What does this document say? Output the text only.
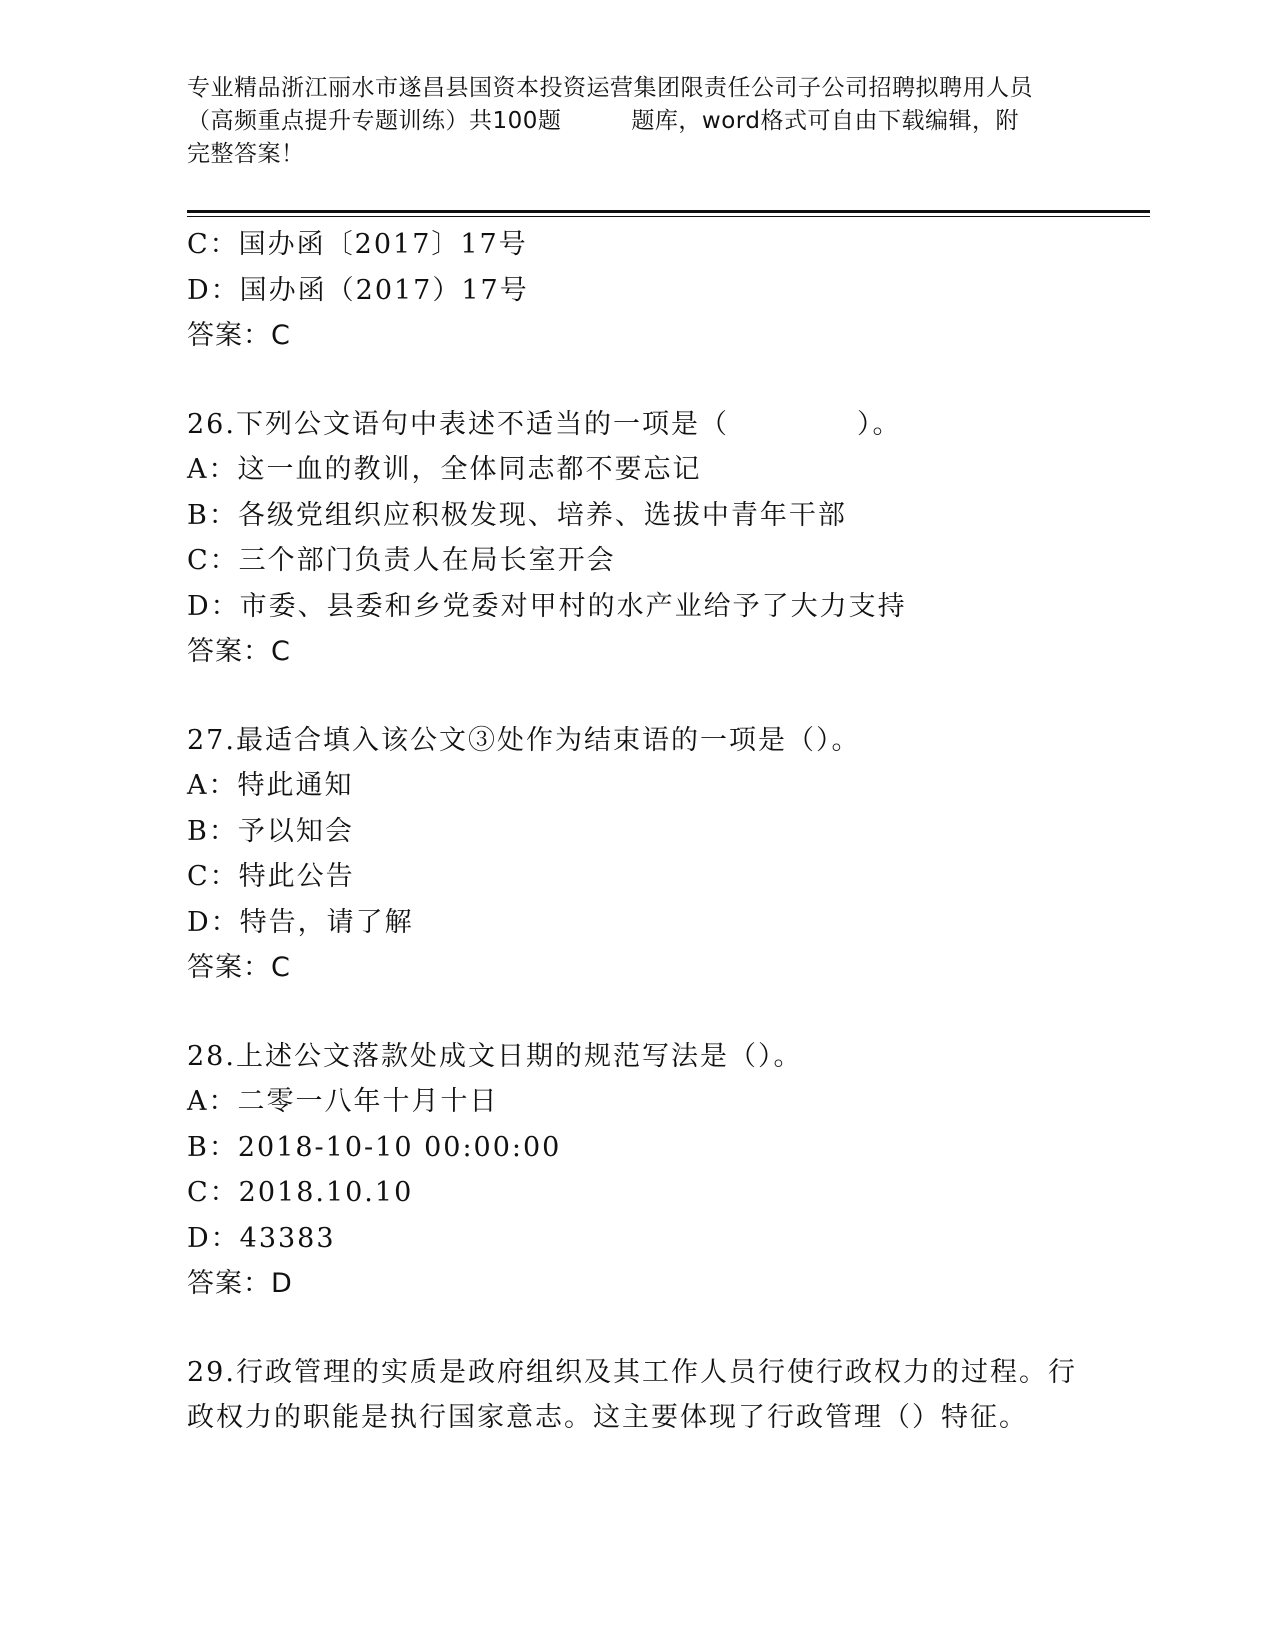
专业精品浙江丽水市遂昌县国资本投资运营集团限责任公司子公司招聘拟聘用人员
（高频重点提升专题训练）共100题	题库，word格式可自由下载编辑，附
完整答案！
C：国办函〔2017〕17号
D：国办函（2017）17号
答案：C
26.下列公文语句中表述不适当的一项是（	）。
A：这一血的教训，全体同志都不要忘记
B：各级党组织应积极发现、培养、选拔中青年干部
C：三个部门负责人在局长室开会
D：市委、县委和乡党委对甲村的水产业给予了大力支持
答案：C
27.最适合填入该公文③处作为结束语的一项是（）。
A：特此通知
B：予以知会
C：特此公告
D：特告，请了解
答案：C
28.上述公文落款处成文日期的规范写法是（）。
A：二零一八年十月十日
B：2018-10-10 00:00:00
C：2018.10.10
D：43383
答案：D
29.行政管理的实质是政府组织及其工作人员行使行政权力的过程。行
政权力的职能是执行国家意志。这主要体现了行政管理（）特征。
